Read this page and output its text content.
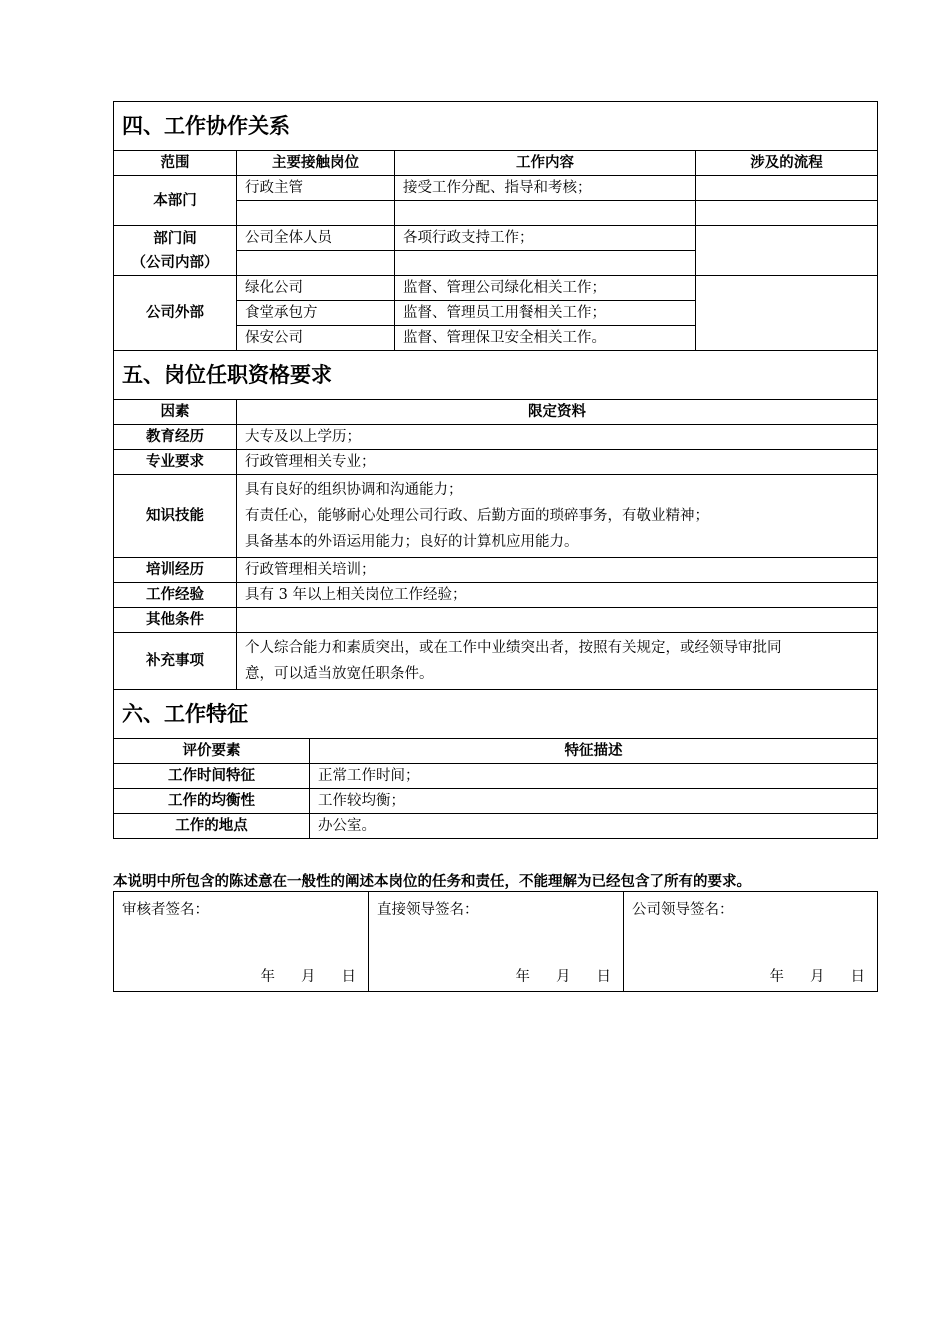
四、工作协作关系			
范围	主要接触岗位	工作内容	涉及的流程
本部门	行政主管	接受工作分配、指导和考核；	

部门间
（公司内部）	公司全体人员	各项行政支持工作；	

公司外部	绿化公司	监督、管理公司绿化相关工作；	
	食堂承包方	监督、管理员工用餐相关工作；	
	保安公司	监督、管理保卫安全相关工作。	
五、岗位任职资格要求			
因素	限定资料		
教育经历	大专及以上学历；		
专业要求	行政管理相关专业；		
知识技能	具有良好的组织协调和沟通能力；
有责任心，能够耐心处理公司行政、后勤方面的琐碎事务，有敬业精神；
具备基本的外语运用能力；良好的计算机应用能力。		

培训经历	行政管理相关培训；		
工作经验	具有 3 年以上相关岗位工作经验；		
其他条件			
补充事项	个人综合能力和素质突出，或在工作中业绩突出者，按照有关规定，或经领导审批同
意，可以适当放宽任职条件。		

六、工作特征			
评价要素	特征描述
工作时间特征	正常工作时间；
工作的均衡性	工作较均衡；
工作的地点	办公室。
本说明中所包含的陈述意在一般性的阐述本岗位的任务和责任，不能理解为已经包含了所有的要求。
审核者签名：
年 月 日

直接领导签名：
年 月 日

公司领导签名：
年 月 日
